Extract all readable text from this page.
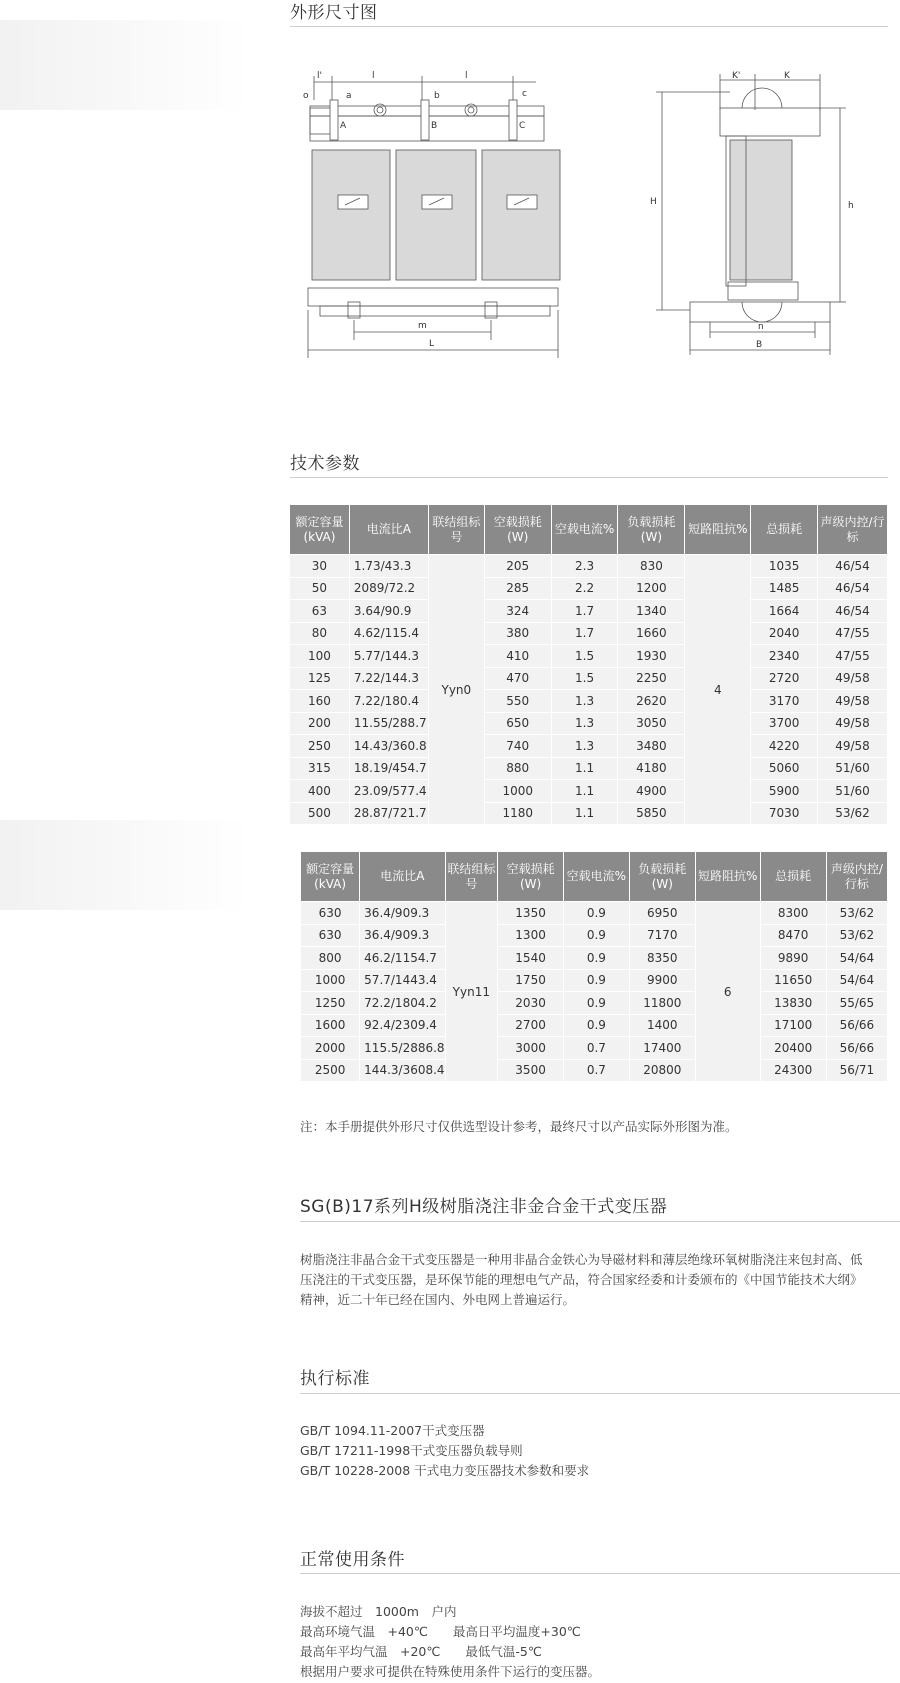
外形尺寸图
l'	l	l
o	a	b	c
A	B	C
m
L
K'	K
H	h
n
B
技术参数
额定容量(kVA)	电流比A	联结组标号	空载损耗(W)	空载电流%	负载损耗(W)	短路阻抗%	总损耗	声级内控/行标
30	1.73/43.3	Yyn0	205	2.3	830	4	1035	46/54
50	2089/72.2		285	2.2	1200		1485	46/54
63	3.64/90.9		324	1.7	1340		1664	46/54
80	4.62/115.4		380	1.7	1660		2040	47/55
100	5.77/144.3		410	1.5	1930		2340	47/55
125	7.22/144.3		470	1.5	2250		2720	49/58
160	7.22/180.4		550	1.3	2620		3170	49/58
200	11.55/288.7		650	1.3	3050		3700	49/58
250	14.43/360.8		740	1.3	3480		4220	49/58
315	18.19/454.7		880	1.1	4180		5060	51/60
400	23.09/577.4		1000	1.1	4900		5900	51/60
500	28.87/721.7		1180	1.1	5850		7030	53/62
额定容量(kVA)	电流比A	联结组标号	空载损耗(W)	空载电流%	负载损耗(W)	短路阻抗%	总损耗	声级内控/行标
630	36.4/909.3	Yyn11	1350	0.9	6950	6	8300	53/62
630	36.4/909.3		1300	0.9	7170		8470	53/62
800	46.2/1154.7		1540	0.9	8350		9890	54/64
1000	57.7/1443.4		1750	0.9	9900		11650	54/64
1250	72.2/1804.2		2030	0.9	11800		13830	55/65
1600	92.4/2309.4		2700	0.9	1400		17100	56/66
2000	115.5/2886.8		3000	0.7	17400		20400	56/66
2500	144.3/3608.4		3500	0.7	20800		24300	56/71
注：本手册提供外形尺寸仅供选型设计参考，最终尺寸以产品实际外形图为准。
SG(B)17系列H级树脂浇注非金合金干式变压器
树脂浇注非晶合金干式变压器是一种用非晶合金铁心为导磁材料和薄层绝缘环氧树脂浇注来包封高、低
压浇注的干式变压器，是环保节能的理想电气产品，符合国家经委和计委颁布的《中国节能技术大纲》
精神，近二十年已经在国内、外电网上普遍运行。
执行标准
GB/T 1094.11-2007干式变压器
GB/T 17211-1998干式变压器负载导则
GB/T 10228-2008 干式电力变压器技术参数和要求
正常使用条件
海拔不超过　1000m　户内
最高环境气温　+40℃　　最高日平均温度+30℃
最高年平均气温　+20℃　　最低气温-5℃
根据用户要求可提供在特殊使用条件下运行的变压器。
